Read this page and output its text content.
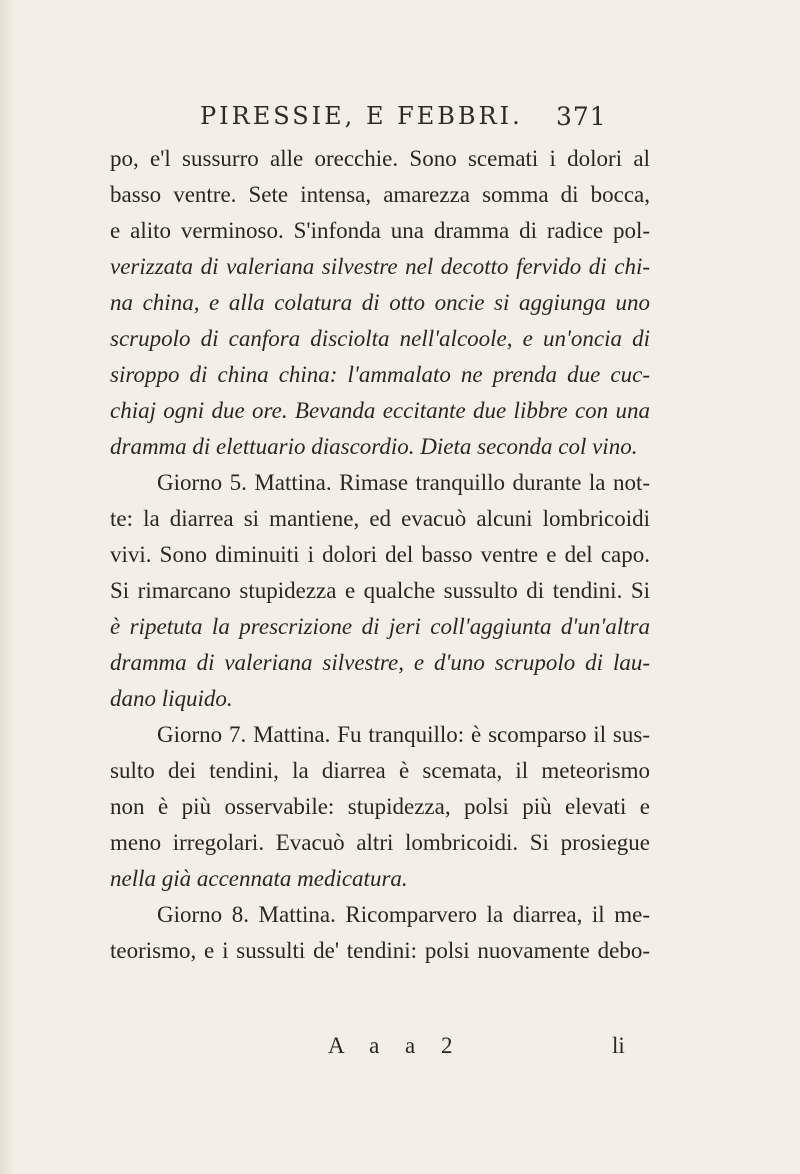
PIRESSIE, E FEBBRI. 371
po, e'l sussurro alle orecchie. Sono scemati i dolori al
basso ventre. Sete intensa, amarezza somma di bocca,
e alito verminoso. S'infonda una dramma di radice pol-
verizzata di valeriana silvestre nel decotto fervido di chi-
na china, e alla colatura di otto oncie si aggiunga uno
scrupolo di canfora disciolta nell'alcoole, e un'oncia di
siroppo di china china: l'ammalato ne prenda due cuc-
chiaj ogni due ore. Bevanda eccitante due libbre con una
dramma di elettuario diascordio. Dieta seconda col vino.
Giorno 5. Mattina. Rimase tranquillo durante la not-
te: la diarrea si mantiene, ed evacuò alcuni lombricoidi
vivi. Sono diminuiti i dolori del basso ventre e del capo.
Si rimarcano stupidezza e qualche sussulto di tendini. Si
è ripetuta la prescrizione di jeri coll'aggiunta d'un'altra
dramma di valeriana silvestre, e d'uno scrupolo di lau-
dano liquido.
Giorno 7. Mattina. Fu tranquillo: è scomparso il sus-
sulto dei tendini, la diarrea è scemata, il meteorismo
non è più osservabile: stupidezza, polsi più elevati e
meno irregolari. Evacuò altri lombricoidi. Si prosiegue
nella già accennata medicatura.
Giorno 8. Mattina. Ricomparvero la diarrea, il me-
teorismo, e i sussulti de' tendini: polsi nuovamente debo-
A a a 2	li
